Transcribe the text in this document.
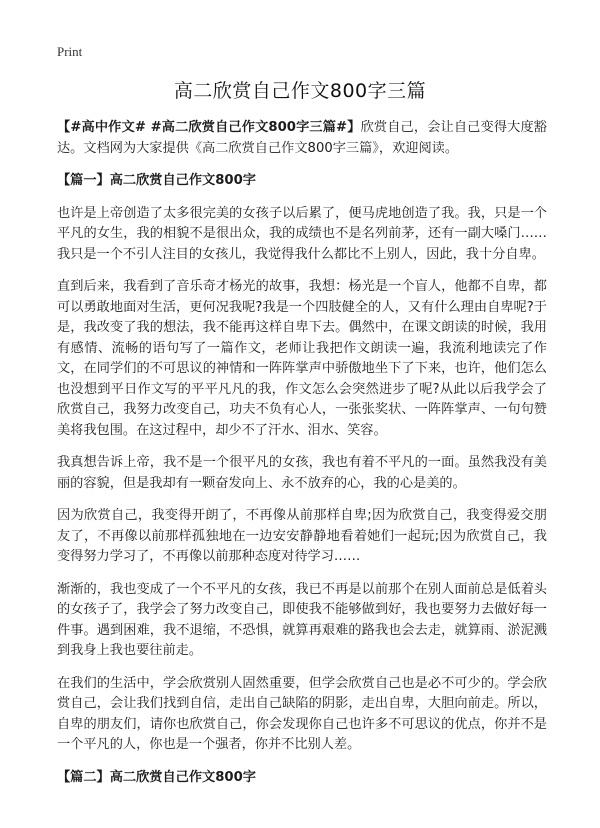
Print
高二欣赏自己作文800字三篇

【#高中作文# #高二欣赏自己作文800字三篇#】欣赏自己，会让自己变得大度豁达。文档网为大家提供《高二欣赏自己作文800字三篇》，欢迎阅读。

【篇一】高二欣赏自己作文800字

也许是上帝创造了太多很完美的女孩子以后累了，便马虎地创造了我。我，只是一个平凡的女生，我的相貌不是很出众，我的成绩也不是名列前茅，还有一副大嗓门……我只是一个不引人注目的女孩儿，我觉得我什么都比不上别人，因此，我十分自卑。

直到后来，我看到了音乐奇才杨光的故事，我想：杨光是一个盲人，他都不自卑，都可以勇敢地面对生活，更何况我呢?我是一个四肢健全的人，又有什么理由自卑呢?于是，我改变了我的想法，我不能再这样自卑下去。偶然中，在课文朗读的时候，我用有感情、流畅的语句写了一篇作文，老师让我把作文朗读一遍，我流利地读完了作文，在同学们的不可思议的神情和一阵阵掌声中骄傲地坐下了下来，也许，他们怎么也没想到平日作文写的平平凡凡的我，作文怎么会突然进步了呢?从此以后我学会了欣赏自己，我努力改变自己，功夫不负有心人，一张张奖状、一阵阵掌声、一句句赞美将我包围。在这过程中，却少不了汗水、泪水、笑容。

我真想告诉上帝，我不是一个很平凡的女孩，我也有着不平凡的一面。虽然我没有美丽的容貌，但是我却有一颗奋发向上、永不放弃的心，我的心是美的。

因为欣赏自己，我变得开朗了，不再像从前那样自卑;因为欣赏自己，我变得爱交朋友了，不再像以前那样孤独地在一边安安静静地看着她们一起玩;因为欣赏自己，我变得努力学习了，不再像以前那种态度对待学习……

渐渐的，我也变成了一个不平凡的女孩，我已不再是以前那个在别人面前总是低着头的女孩子了，我学会了努力改变自己，即使我不能够做到好，我也要努力去做好每一件事。遇到困难，我不退缩，不恐惧，就算再艰难的路我也会去走，就算雨、淤泥溅到我身上我也要往前走。

在我们的生活中，学会欣赏别人固然重要，但学会欣赏自己也是必不可少的。学会欣赏自己，会让我们找到自信，走出自己缺陷的阴影，走出自卑，大胆向前走。所以，自卑的朋友们，请你也欣赏自己，你会发现你自己也许多不可思议的优点，你并不是一个平凡的人，你也是一个强者，你并不比别人差。

【篇二】高二欣赏自己作文800字
